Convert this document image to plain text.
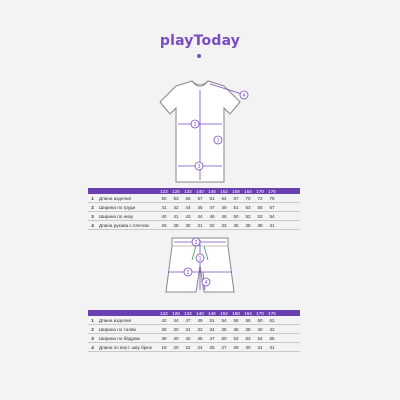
playToday
1
2
3
4
122 128 134 140 146 152 158 164 170 176
1	Длина изделия	50	53	55	57	61	64	67	70	72	75
2	Ширина по груди	41	42	44	45	47	49	51	53	55	57
3	Ширина по низу	40	41	43	44	46	48	50	52	53	54
4	Длина рукава с плечом	26	28	30	31	32	33	35	38	39	41
1
2
3
4
122 128 134 140 146 152 158 164 170 176
1	Длина изделия	42	44	47	49	51	54	56	58	60	62
2	Ширина по талии	28	30	31	32	34	35	36	38	40	42
3	Ширина по бёдрам	39	40	42	45	47	50	52	53	54	55
4	Длина по внут. шву брюк	19	20	22	24	25	27	29	30	31	31
